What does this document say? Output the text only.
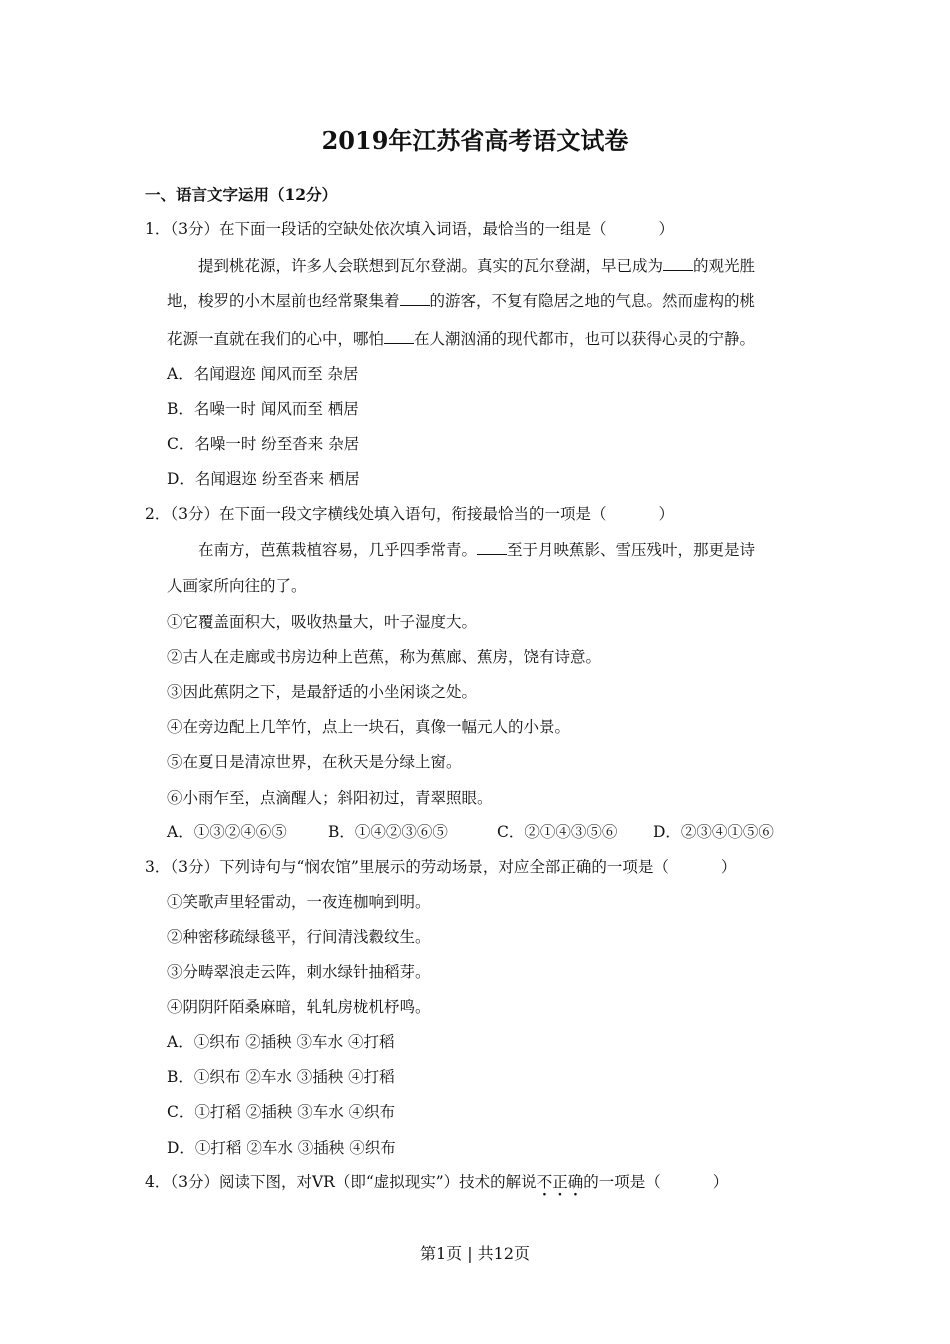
2019年江苏省高考语文试卷
一、语言文字运用（12分）
1．（3分）在下面一段话的空缺处依次填入词语，最恰当的一组是（	）
提到桃花源，许多人会联想到瓦尔登湖。真实的瓦尔登湖，早已成为 的观光胜
地，梭罗的小木屋前也经常聚集着 的游客，不复有隐居之地的气息。然而虚构的桃
花源一直就在我们的心中，哪怕 在人潮汹涌的现代都市，也可以获得心灵的宁静。
A．名闻遐迩 闻风而至 杂居
B．名噪一时 闻风而至 栖居
C．名噪一时 纷至沓来 杂居
D．名闻遐迩 纷至沓来 栖居
2．（3分）在下面一段文字横线处填入语句，衔接最恰当的一项是（	）
在南方，芭蕉栽植容易，几乎四季常青。 至于月映蕉影、雪压残叶，那更是诗
人画家所向往的了。
①它覆盖面积大，吸收热量大，叶子湿度大。
②古人在走廊或书房边种上芭蕉，称为蕉廊、蕉房，饶有诗意。
③因此蕉阴之下，是最舒适的小坐闲谈之处。
④在旁边配上几竿竹，点上一块石，真像一幅元人的小景。
⑤在夏日是清凉世界，在秋天是分绿上窗。
⑥小雨乍至，点滴醒人；斜阳初过，青翠照眼。
A．①③②④⑥⑤	B．①④②③⑥⑤	C．②①④③⑤⑥ D．②③④①⑤⑥
3．（3分）下列诗句与“悯农馆”里展示的劳动场景，对应全部正确的一项是（	）
①笑歌声里轻雷动，一夜连枷响到明。
②种密移疏绿毯平，行间清浅縠纹生。
③分畴翠浪走云阵，刺水绿针抽稻芽。
④阴阴阡陌桑麻暗，轧轧房栊机杼鸣。
A．①织布 ②插秧 ③车水 ④打稻
B．①织布 ②车水 ③插秧 ④打稻
C．①打稻 ②插秧 ③车水 ④织布
D．①打稻 ②车水 ③插秧 ④织布
4．（3分）阅读下图，对VR（即“虚拟现实”）技术的解说不正确的一项是（	）
第1页 | 共12页
